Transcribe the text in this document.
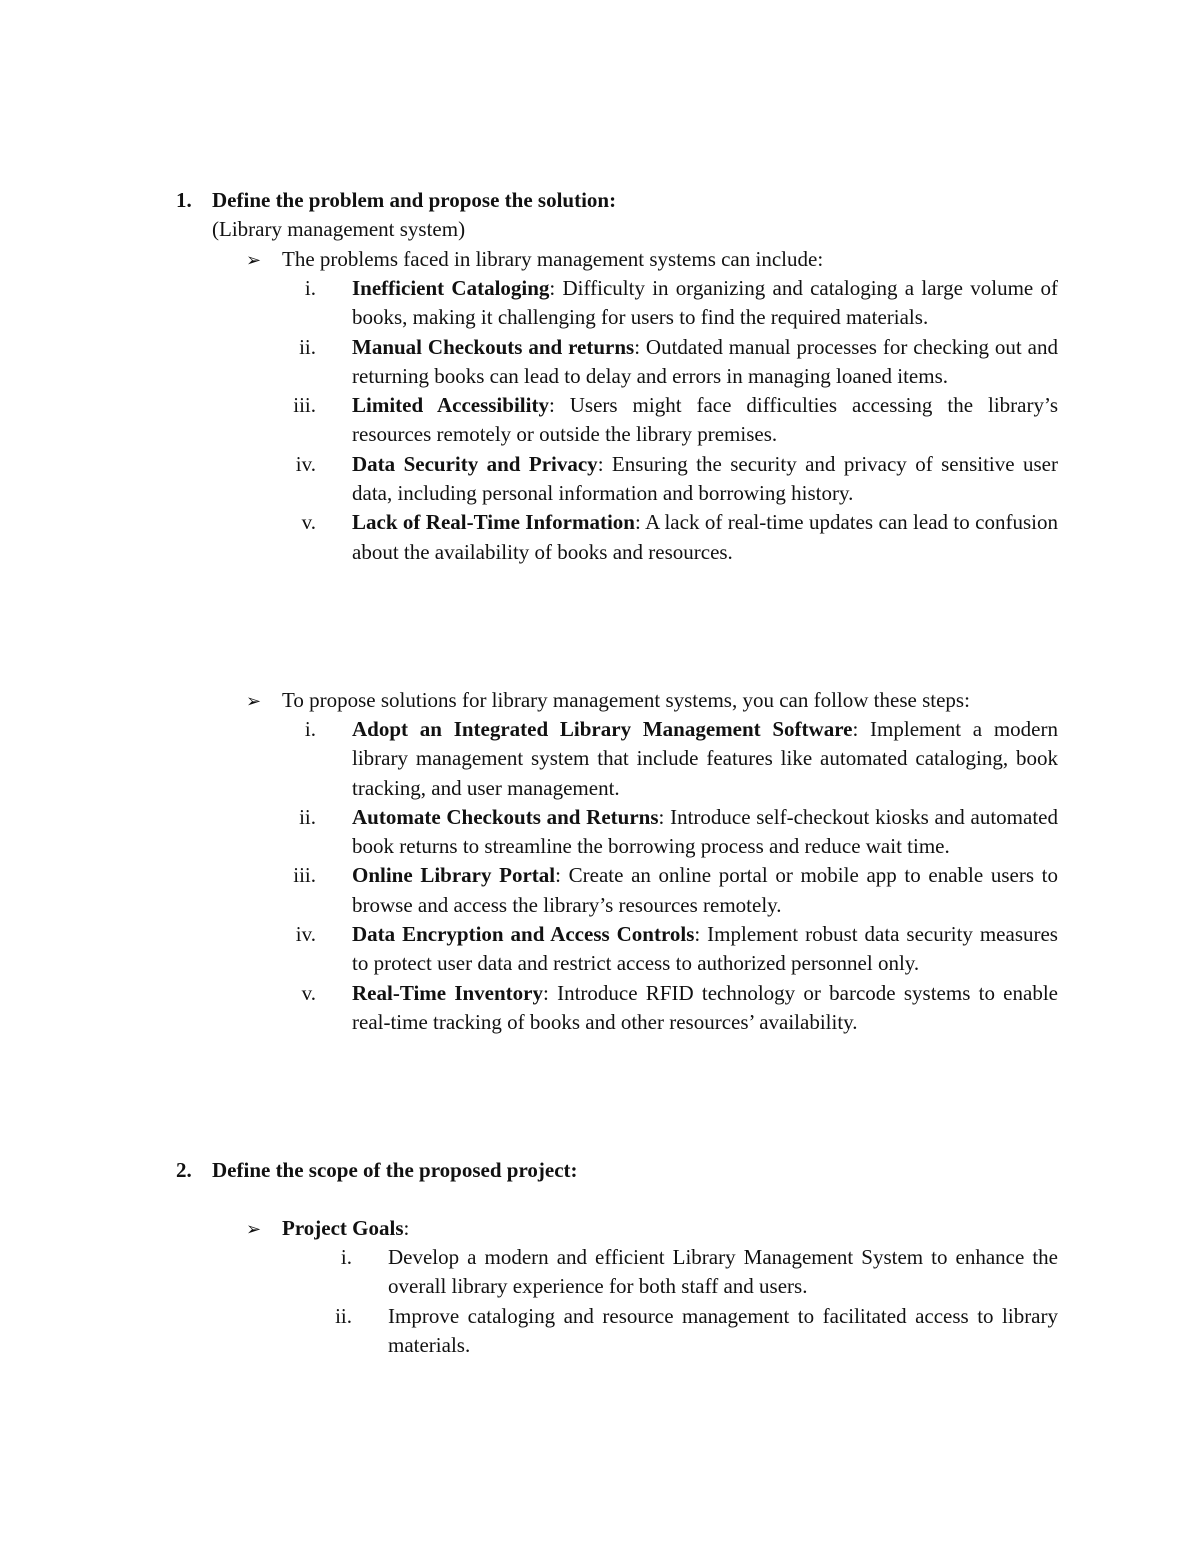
1. Define the problem and propose the solution:
(Library management system)
➢ The problems faced in library management systems can include:
i.	Inefficient Cataloging: Difficulty in organizing and cataloging a large volume of books, making it challenging for users to find the required materials.
ii.	Manual Checkouts and returns: Outdated manual processes for checking out and returning books can lead to delay and errors in managing loaned items.
iii.	Limited Accessibility: Users might face difficulties accessing the library’s resources remotely or outside the library premises.
iv.	Data Security and Privacy: Ensuring the security and privacy of sensitive user data, including personal information and borrowing history.
v.	Lack of Real-Time Information: A lack of real-time updates can lead to confusion about the availability of books and resources.
➢ To propose solutions for library management systems, you can follow these steps:
i.	Adopt an Integrated Library Management Software: Implement a modern library management system that include features like automated cataloging, book tracking, and user management.
ii.	Automate Checkouts and Returns: Introduce self-checkout kiosks and automated book returns to streamline the borrowing process and reduce wait time.
iii.	Online Library Portal: Create an online portal or mobile app to enable users to browse and access the library’s resources remotely.
iv.	Data Encryption and Access Controls: Implement robust data security measures to protect user data and restrict access to authorized personnel only.
v.	Real-Time Inventory: Introduce RFID technology or barcode systems to enable real-time tracking of books and other resources’ availability.
2. Define the scope of the proposed project:
➢ Project Goals:
i.	Develop a modern and efficient Library Management System to enhance the overall library experience for both staff and users.
ii.	Improve cataloging and resource management to facilitated access to library materials.
